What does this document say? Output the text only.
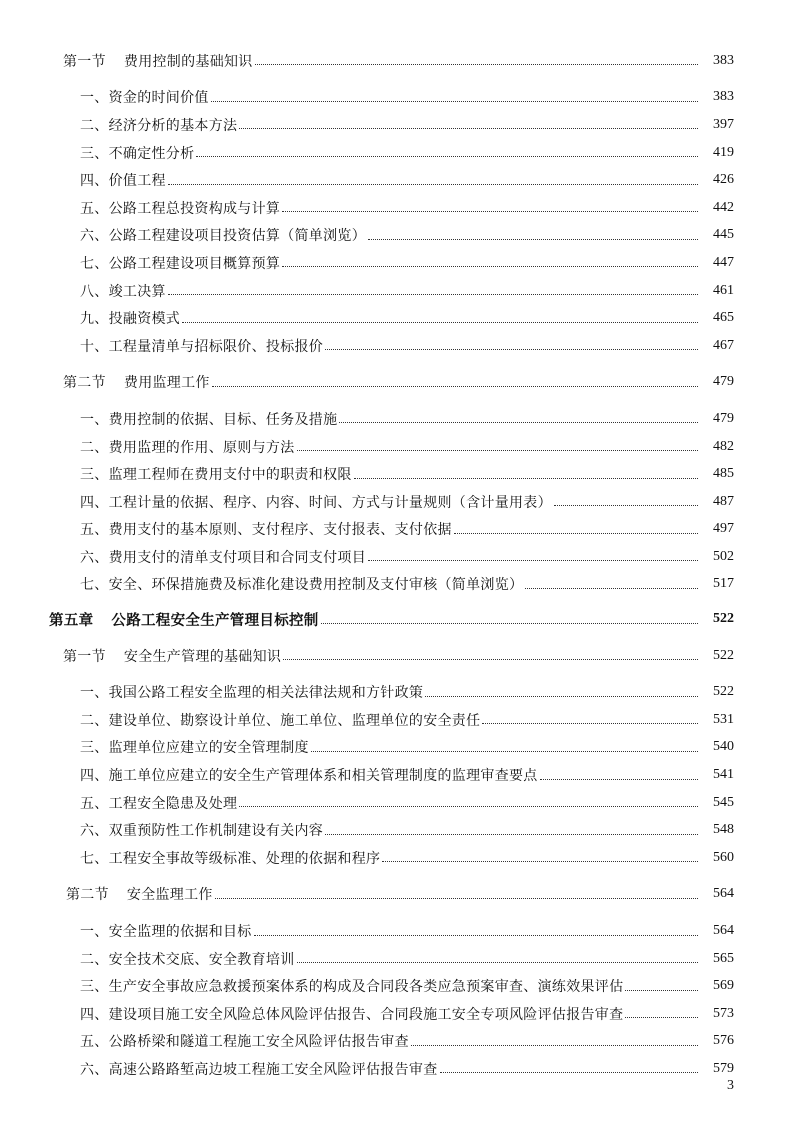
第一节 费用控制的基础知识	383
一、资金的时间价值	383
二、经济分析的基本方法	397
三、不确定性分析	419
四、价值工程	426
五、公路工程总投资构成与计算	442
六、公路工程建设项目投资估算（简单浏览）	445
七、公路工程建设项目概算预算	447
八、竣工决算	461
九、投融资模式	465
十、工程量清单与招标限价、投标报价	467
第二节 费用监理工作	479
一、费用控制的依据、目标、任务及措施	479
二、费用监理的作用、原则与方法	482
三、监理工程师在费用支付中的职责和权限	485
四、工程计量的依据、程序、内容、时间、方式与计量规则（含计量用表）	487
五、费用支付的基本原则、支付程序、支付报表、支付依据	497
六、费用支付的清单支付项目和合同支付项目	502
七、安全、环保措施费及标准化建设费用控制及支付审核（简单浏览）	517
第五章 公路工程安全生产管理目标控制	522
第一节 安全生产管理的基础知识	522
一、我国公路工程安全监理的相关法律法规和方针政策	522
二、建设单位、勘察设计单位、施工单位、监理单位的安全责任	531
三、监理单位应建立的安全管理制度	540
四、施工单位应建立的安全生产管理体系和相关管理制度的监理审查要点	541
五、工程安全隐患及处理	545
六、双重预防性工作机制建设有关内容	548
七、工程安全事故等级标准、处理的依据和程序	560
第二节 安全监理工作	564
一、安全监理的依据和目标	564
二、安全技术交底、安全教育培训	565
三、生产安全事故应急救援预案体系的构成及合同段各类应急预案审查、演练效果评估	569
四、建设项目施工安全风险总体风险评估报告、合同段施工安全专项风险评估报告审查	573
五、公路桥梁和隧道工程施工安全风险评估报告审查	576
六、高速公路路堑高边坡工程施工安全风险评估报告审查	579
3
